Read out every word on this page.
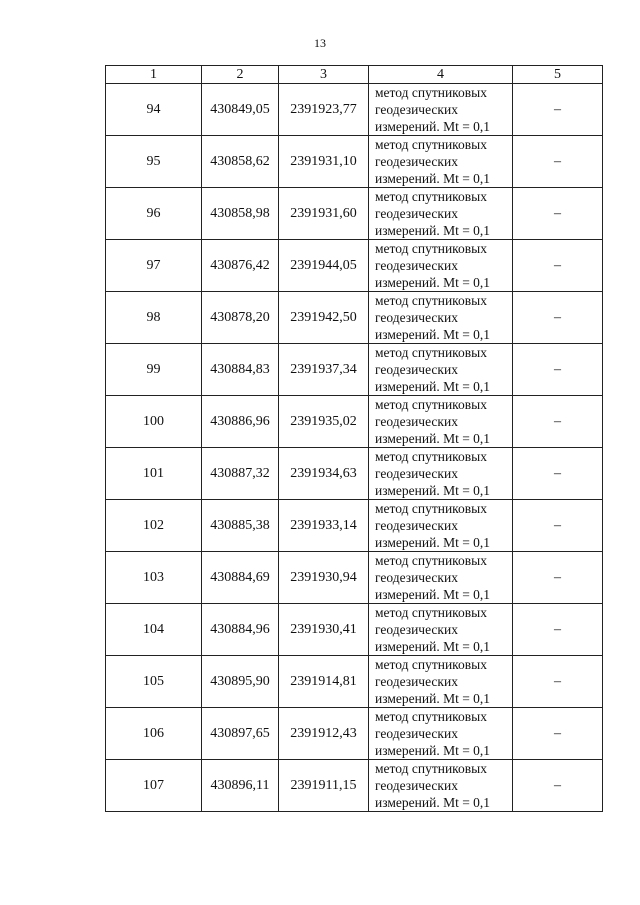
13
1	2	3	4	5
94	430849,05	2391923,77	метод спутниковых
геодезических
измерений. Mt = 0,1	–
95	430858,62	2391931,10	метод спутниковых
геодезических
измерений. Mt = 0,1	–
96	430858,98	2391931,60	метод спутниковых
геодезических
измерений. Mt = 0,1	–
97	430876,42	2391944,05	метод спутниковых
геодезических
измерений. Mt = 0,1	–
98	430878,20	2391942,50	метод спутниковых
геодезических
измерений. Mt = 0,1	–
99	430884,83	2391937,34	метод спутниковых
геодезических
измерений. Mt = 0,1	–
100	430886,96	2391935,02	метод спутниковых
геодезических
измерений. Mt = 0,1	–
101	430887,32	2391934,63	метод спутниковых
геодезических
измерений. Mt = 0,1	–
102	430885,38	2391933,14	метод спутниковых
геодезических
измерений. Mt = 0,1	–
103	430884,69	2391930,94	метод спутниковых
геодезических
измерений. Mt = 0,1	–
104	430884,96	2391930,41	метод спутниковых
геодезических
измерений. Mt = 0,1	–
105	430895,90	2391914,81	метод спутниковых
геодезических
измерений. Mt = 0,1	–
106	430897,65	2391912,43	метод спутниковых
геодезических
измерений. Mt = 0,1	–
107	430896,11	2391911,15	метод спутниковых
геодезических
измерений. Mt = 0,1	–
